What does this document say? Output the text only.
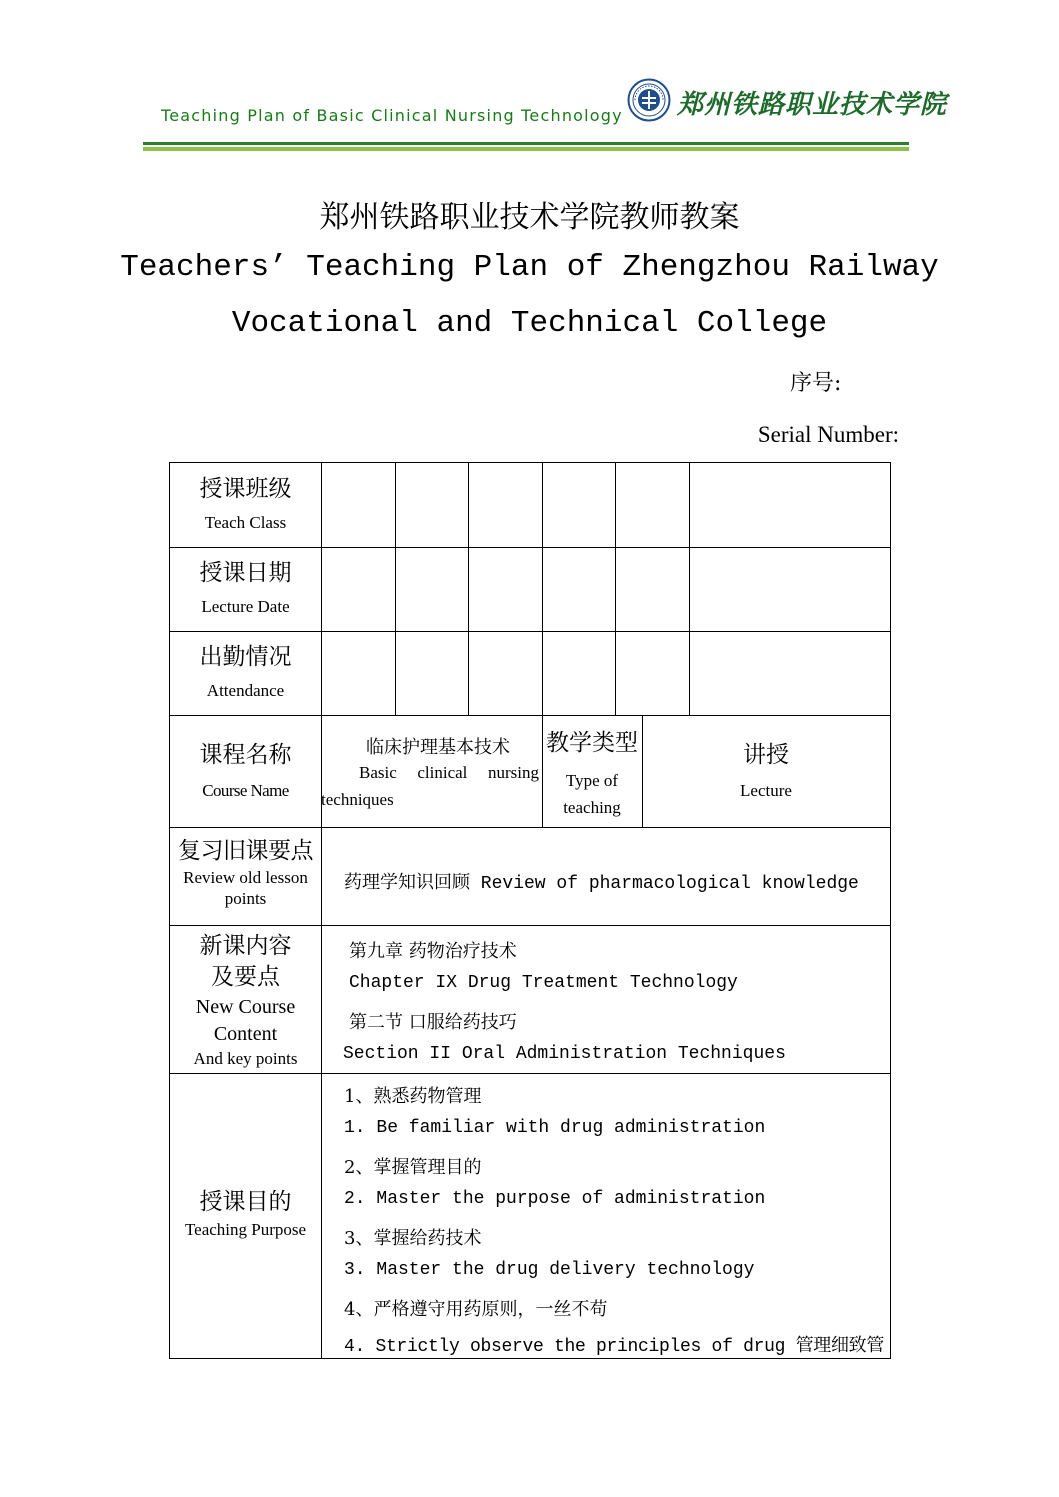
Teaching Plan of Basic Clinical Nursing Technology 郑州铁路职业技术学院
郑州铁路职业技术学院教师教案
Teachers’ Teaching Plan of Zhengzhou Railway
Vocational and Technical College
序号:
Serial Number:
授课班级
Teach Class
授课日期
Lecture Date
出勤情况
Attendance
课程名称
Course Name
临床护理基本技术
Basic clinical nursing
techniques
教学类型
Type of
teaching
讲授
Lecture
复习旧课要点
Review old lesson
points
药理学知识回顾 Review of pharmacological knowledge
新课内容
及要点
New Course
Content
And key points
第九章 药物治疗技术
Chapter IX Drug Treatment Technology
第二节 口服给药技巧
Section II Oral Administration Techniques
授课目的
Teaching Purpose
1、熟悉药物管理
1. Be familiar with drug administration
2、掌握管理目的
2. Master the purpose of administration
3、掌握给药技术
3. Master the drug delivery technology
4、严格遵守用药原则，一丝不苟
4. Strictly observe the principles of drug 管理细致管
